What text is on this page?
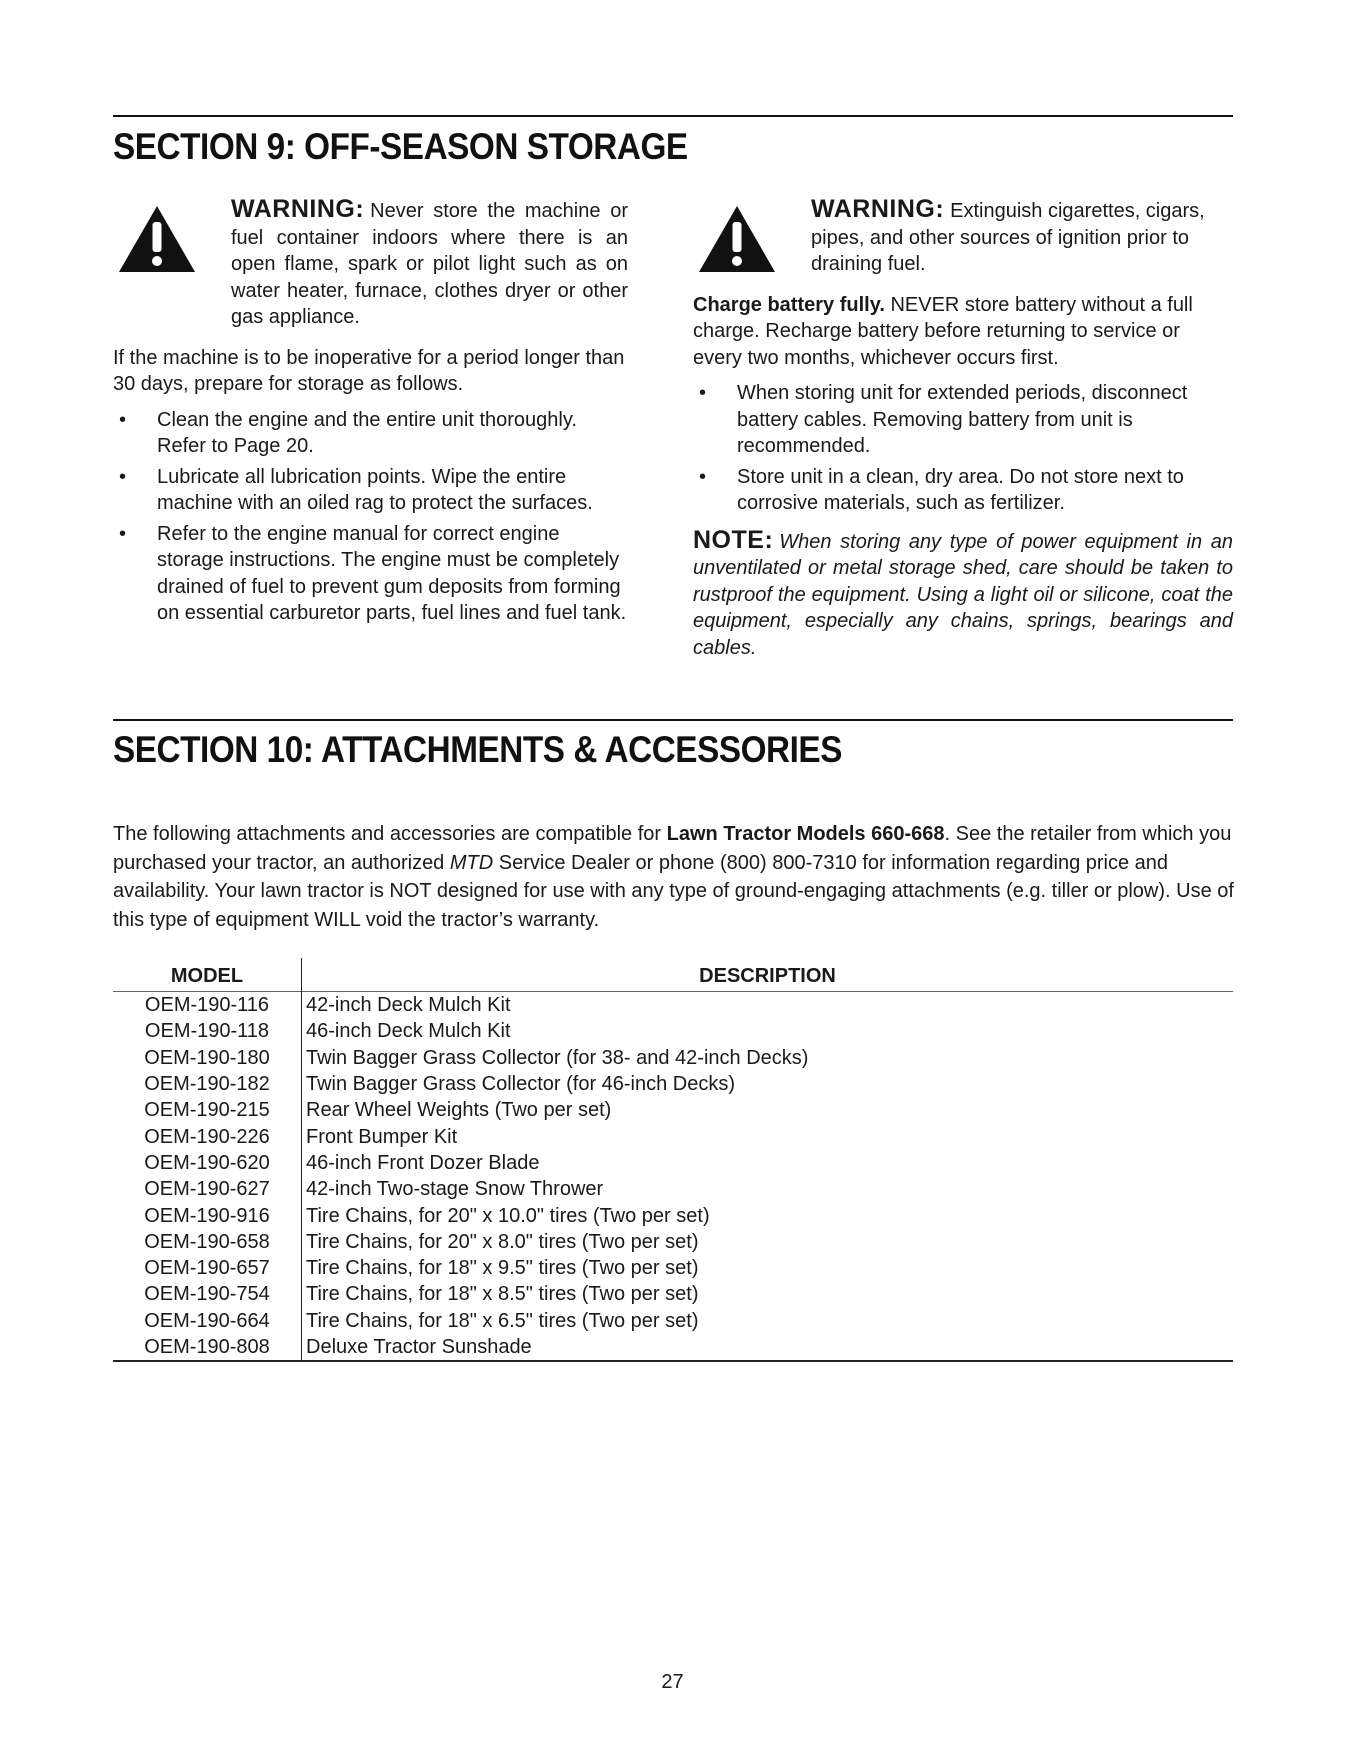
SECTION 9: OFF-SEASON STORAGE

WARNING: Never store the machine or fuel container indoors where there is an open flame, spark or pilot light such as on water heater, furnace, clothes dryer or other gas appliance.

If the machine is to be inoperative for a period longer than 30 days, prepare for storage as follows.

• Clean the engine and the entire unit thoroughly. Refer to Page 20.
• Lubricate all lubrication points. Wipe the entire machine with an oiled rag to protect the surfaces.
• Refer to the engine manual for correct engine storage instructions. The engine must be completely drained of fuel to prevent gum deposits from forming on essential carburetor parts, fuel lines and fuel tank.

WARNING: Extinguish cigarettes, cigars, pipes, and other sources of ignition prior to draining fuel.

Charge battery fully. NEVER store battery without a full charge. Recharge battery before returning to service or every two months, whichever occurs first.

• When storing unit for extended periods, disconnect battery cables. Removing battery from unit is recommended.
• Store unit in a clean, dry area. Do not store next to corrosive materials, such as fertilizer.

NOTE: When storing any type of power equipment in an unventilated or metal storage shed, care should be taken to rustproof the equipment. Using a light oil or silicone, coat the equipment, especially any chains, springs, bearings and cables.

SECTION 10: ATTACHMENTS & ACCESSORIES

The following attachments and accessories are compatible for Lawn Tractor Models 660-668. See the retailer from which you purchased your tractor, an authorized MTD Service Dealer or phone (800) 800-7310 for information regarding price and availability. Your lawn tractor is NOT designed for use with any type of ground-engaging attachments (e.g. tiller or plow). Use of this type of equipment WILL void the tractor’s warranty.

MODEL	DESCRIPTION
OEM-190-116	42-inch Deck Mulch Kit
OEM-190-118	46-inch Deck Mulch Kit
OEM-190-180	Twin Bagger Grass Collector (for 38- and 42-inch Decks)
OEM-190-182	Twin Bagger Grass Collector (for 46-inch Decks)
OEM-190-215	Rear Wheel Weights (Two per set)
OEM-190-226	Front Bumper Kit
OEM-190-620	46-inch Front Dozer Blade
OEM-190-627	42-inch Two-stage Snow Thrower
OEM-190-916	Tire Chains, for 20" x 10.0" tires (Two per set)
OEM-190-658	Tire Chains, for 20" x 8.0" tires (Two per set)
OEM-190-657	Tire Chains, for 18" x 9.5" tires (Two per set)
OEM-190-754	Tire Chains, for 18" x 8.5" tires (Two per set)
OEM-190-664	Tire Chains, for 18" x 6.5" tires (Two per set)
OEM-190-808	Deluxe Tractor Sunshade
27
